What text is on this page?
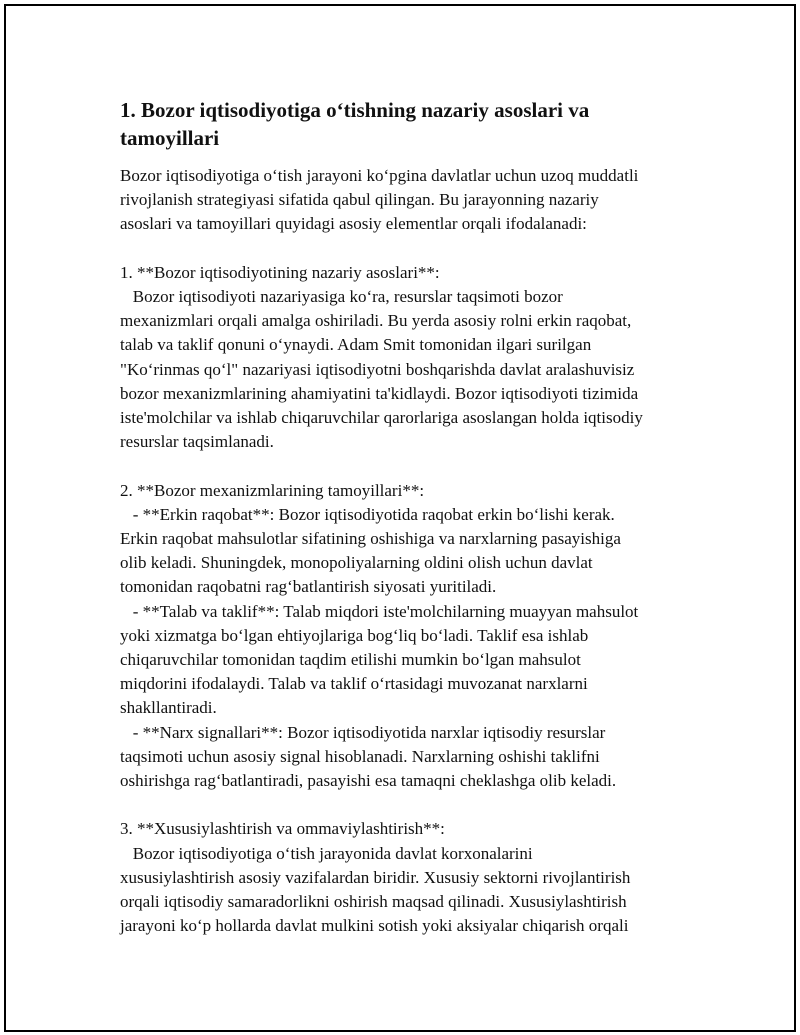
1. Bozor iqtisodiyotiga o‘tishning nazariy asoslari va tamoyillari

Bozor iqtisodiyotiga o‘tish jarayoni ko‘pgina davlatlar uchun uzoq muddatli
rivojlanish strategiyasi sifatida qabul qilingan. Bu jarayonning nazariy
asoslari va tamoyillari quyidagi asosiy elementlar orqali ifodalanadi:

1. **Bozor iqtisodiyotining nazariy asoslari**:
Bozor iqtisodiyoti nazariyasiga ko‘ra, resurslar taqsimoti bozor
mexanizmlari orqali amalga oshiriladi. Bu yerda asosiy rolni erkin raqobat,
talab va taklif qonuni o‘ynaydi. Adam Smit tomonidan ilgari surilgan
"Ko‘rinmas qo‘l" nazariyasi iqtisodiyotni boshqarishda davlat aralashuvisiz
bozor mexanizmlarining ahamiyatini ta'kidlaydi. Bozor iqtisodiyoti tizimida
iste'molchilar va ishlab chiqaruvchilar qarorlariga asoslangan holda iqtisodiy
resurslar taqsimlanadi.

2. **Bozor mexanizmlarining tamoyillari**:
- **Erkin raqobat**: Bozor iqtisodiyotida raqobat erkin bo‘lishi kerak.
Erkin raqobat mahsulotlar sifatining oshishiga va narxlarning pasayishiga
olib keladi. Shuningdek, monopoliyalarning oldini olish uchun davlat
tomonidan raqobatni rag‘batlantirish siyosati yuritiladi.
- **Talab va taklif**: Talab miqdori iste'molchilarning muayyan mahsulot
yoki xizmatga bo‘lgan ehtiyojlariga bog‘liq bo‘ladi. Taklif esa ishlab
chiqaruvchilar tomonidan taqdim etilishi mumkin bo‘lgan mahsulot
miqdorini ifodalaydi. Talab va taklif o‘rtasidagi muvozanat narxlarni
shakllantiradi.
- **Narx signallari**: Bozor iqtisodiyotida narxlar iqtisodiy resurslar
taqsimoti uchun asosiy signal hisoblanadi. Narxlarning oshishi taklifni
oshirishga rag‘batlantiradi, pasayishi esa tamaqni cheklashga olib keladi.

3. **Xususiylashtirish va ommaviylashtirish**:
Bozor iqtisodiyotiga o‘tish jarayonida davlat korxonalarini
xususiylashtirish asosiy vazifalardan biridir. Xususiy sektorni rivojlantirish
orqali iqtisodiy samaradorlikni oshirish maqsad qilinadi. Xususiylashtirish
jarayoni ko‘p hollarda davlat mulkini sotish yoki aksiyalar chiqarish orqali
